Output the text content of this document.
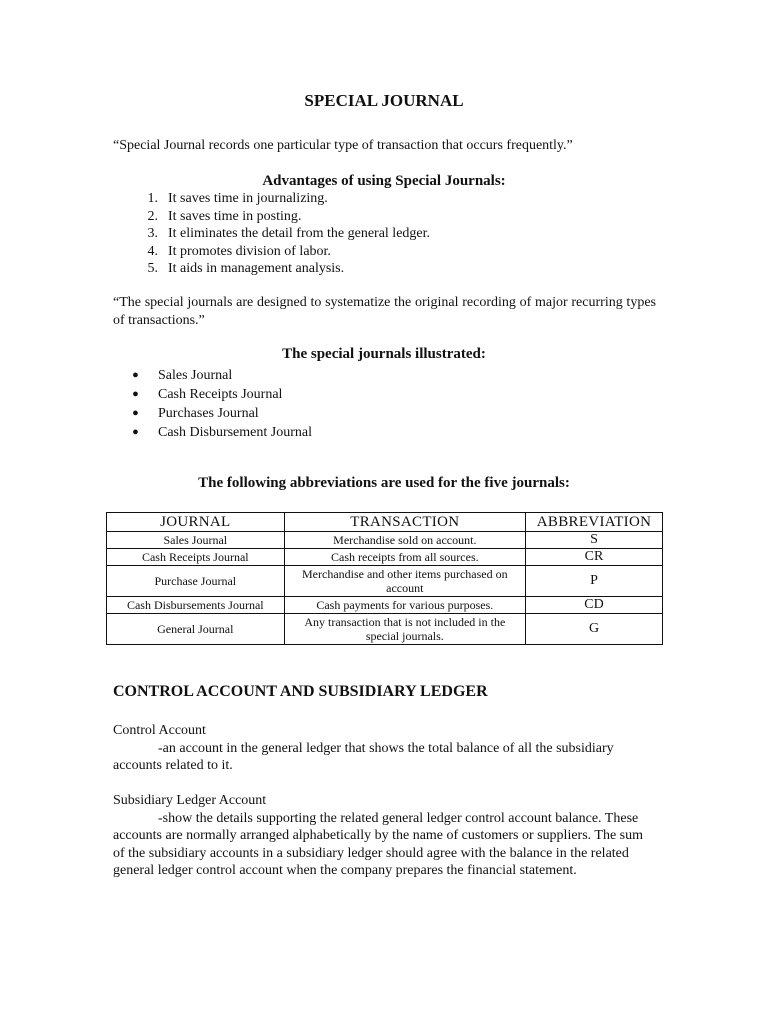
SPECIAL JOURNAL
“Special Journal records one particular type of transaction that occurs frequently.”
Advantages of using Special Journals:
1. It saves time in journalizing.
2. It saves time in posting.
3. It eliminates the detail from the general ledger.
4. It promotes division of labor.
5. It aids in management analysis.
“The special journals are designed to systematize the original recording of major recurring types of transactions.”
The special journals illustrated:
●	Sales Journal
●	Cash Receipts Journal
●	Purchases Journal
●	Cash Disbursement Journal
The following abbreviations are used for the five journals:
JOURNAL	TRANSACTION	ABBREVIATION
Sales Journal	Merchandise sold on account.	S
Cash Receipts Journal	Cash receipts from all sources.	CR
Purchase Journal	Merchandise and other items purchased on account	P
Cash Disbursements Journal	Cash payments for various purposes.	CD
General Journal	Any transaction that is not included in the special journals.	G
CONTROL ACCOUNT AND SUBSIDIARY LEDGER
Control Account
-an account in the general ledger that shows the total balance of all the subsidiary accounts related to it.
Subsidiary Ledger Account
-show the details supporting the related general ledger control account balance. These accounts are normally arranged alphabetically by the name of customers or suppliers. The sum of the subsidiary accounts in a subsidiary ledger should agree with the balance in the related general ledger control account when the company prepares the financial statement.
